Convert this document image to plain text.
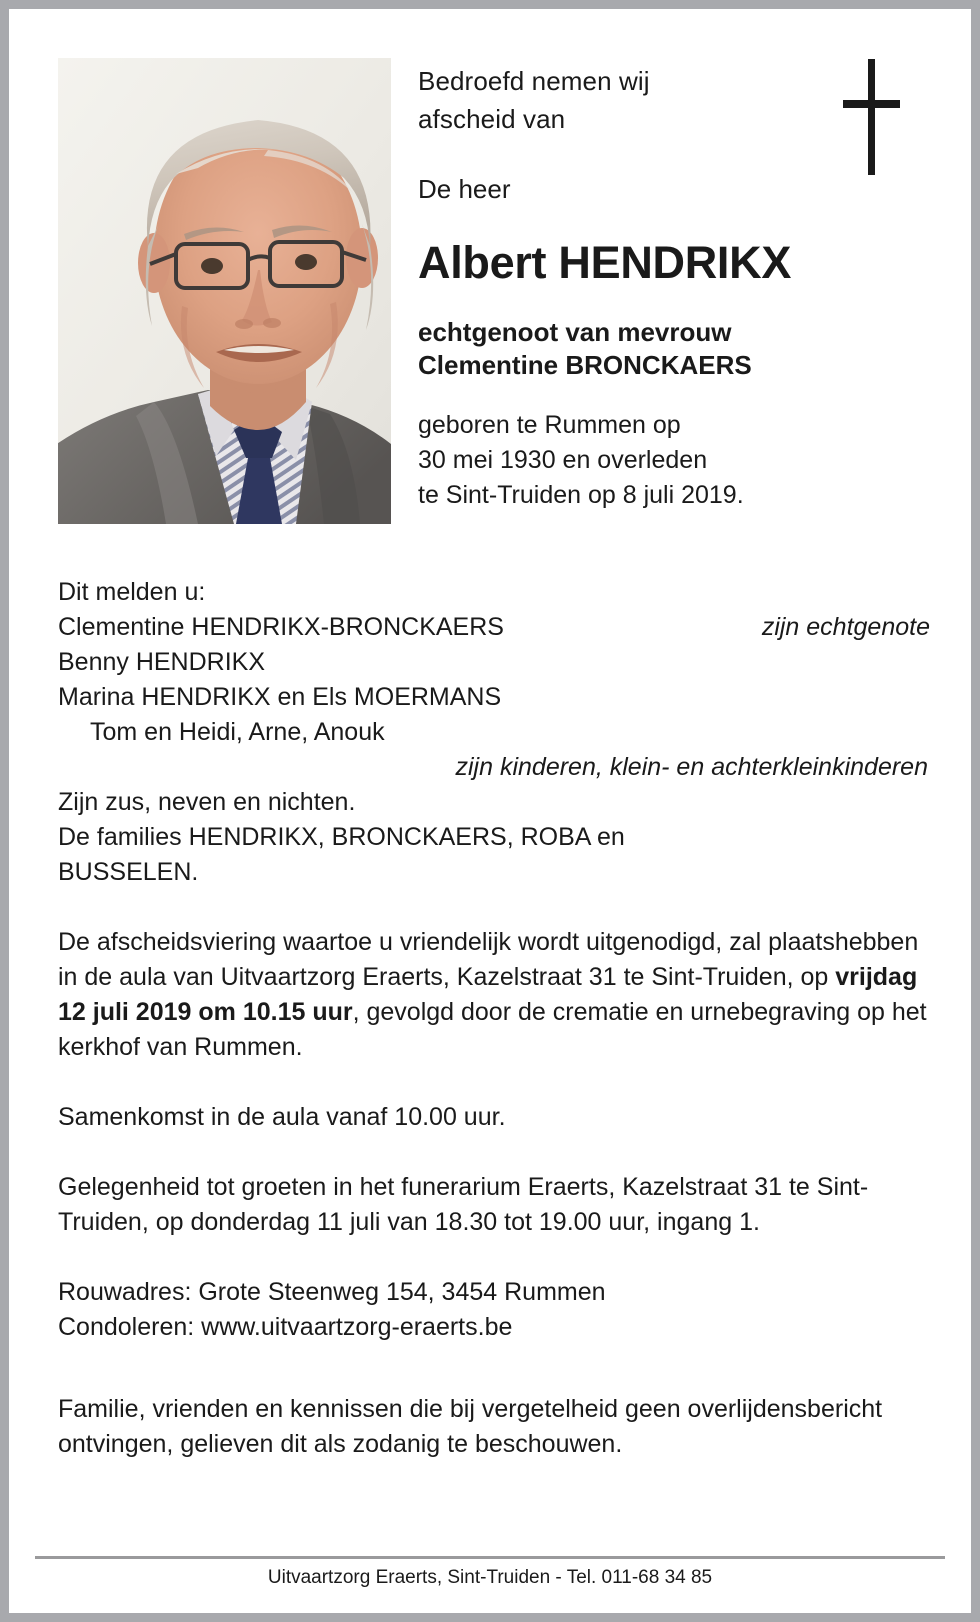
Bedroefd nemen wij
afscheid van
De heer
Albert HENDRIKX
echtgenoot van mevrouw
Clementine BRONCKAERS
geboren te Rummen op
30 mei 1930 en overleden
te Sint-Truiden op 8 juli 2019.
Dit melden u:
Clementine HENDRIKX-BRONCKAERS	zijn echtgenote
Benny HENDRIKX
Marina HENDRIKX en Els MOERMANS
Tom en Heidi, Arne, Anouk
zijn kinderen, klein- en achterkleinkinderen
Zijn zus, neven en nichten.
De families HENDRIKX, BRONCKAERS, ROBA en
BUSSELEN.

De afscheidsviering waartoe u vriendelijk wordt uitgenodigd, zal plaatshebben in de aula van Uitvaartzorg Eraerts, Kazelstraat 31 te Sint-Truiden, op vrijdag 12 juli 2019 om 10.15 uur, gevolgd door de crematie en urnebegraving op het kerkhof van Rummen.

Samenkomst in de aula vanaf 10.00 uur.

Gelegenheid tot groeten in het funerarium Eraerts, Kazelstraat 31 te Sint-Truiden, op donderdag 11 juli van 18.30 tot 19.00 uur, ingang 1.

Rouwadres: Grote Steenweg 154, 3454 Rummen
Condoleren: www.uitvaartzorg-eraerts.be

Familie, vrienden en kennissen die bij vergetelheid geen overlijdensbericht ontvingen, gelieven dit als zodanig te beschouwen.

Uitvaartzorg Eraerts, Sint-Truiden - Tel. 011-68 34 85
